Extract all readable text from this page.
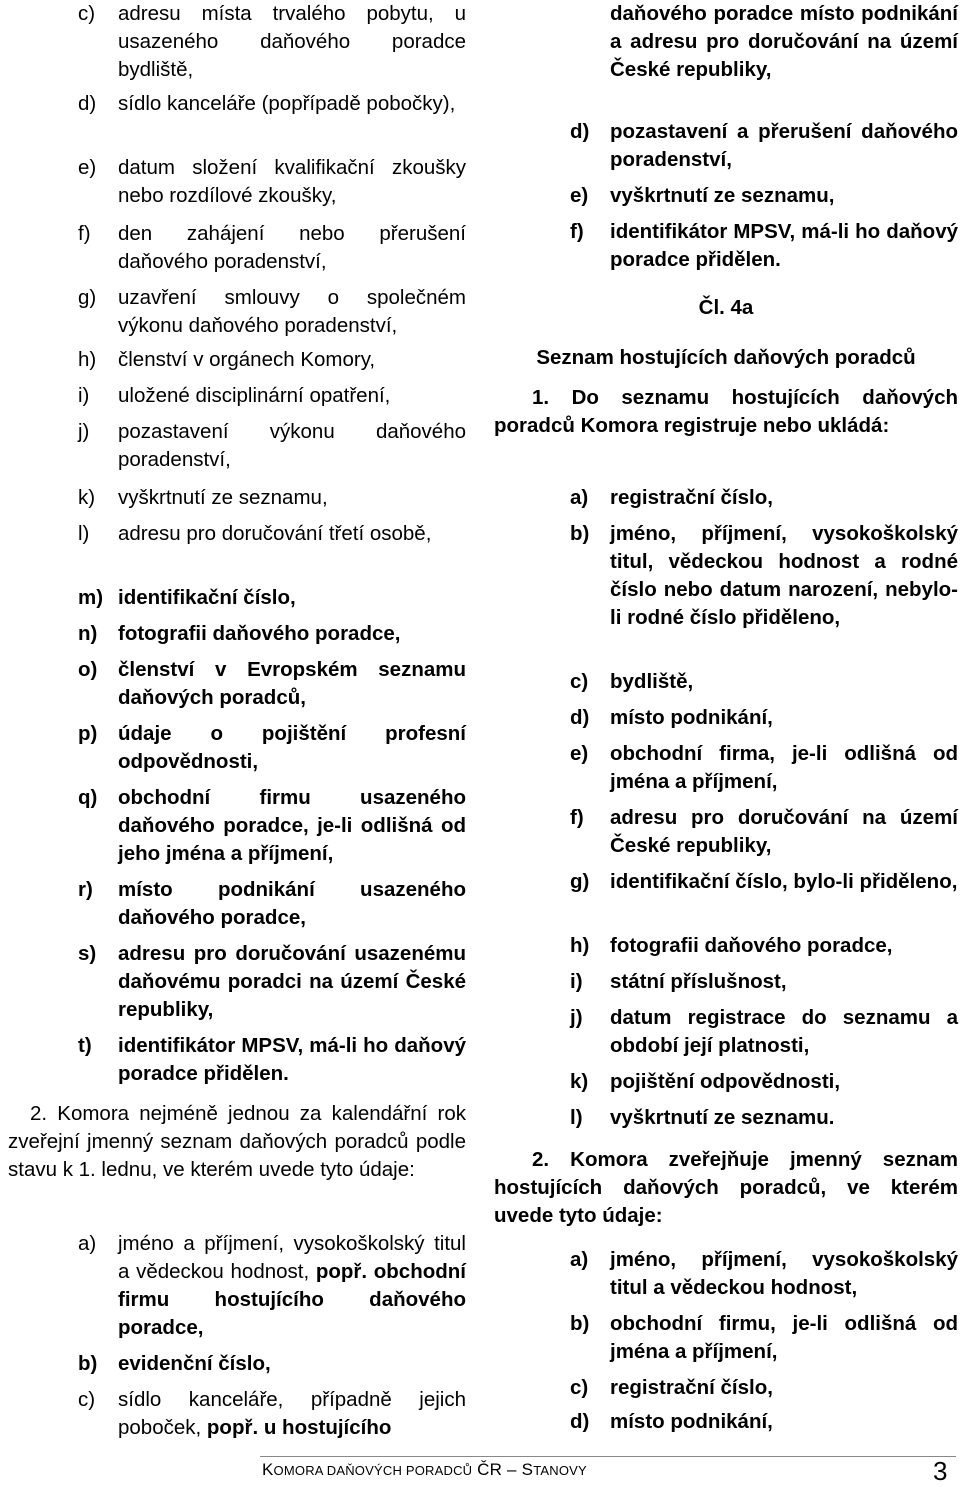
c)	adresu místa trvalého pobytu, u usazeného daňového poradce bydliště,
d)	sídlo kanceláře (popřípadě pobočky),
e)	datum složení kvalifikační zkoušky nebo rozdílové zkoušky,
f)	den zahájení nebo přerušení daňového poradenství,
g)	uzavření smlouvy o společném výkonu daňového poradenství,
h)	členství v orgánech Komory,
i)	uložené disciplinární opatření,
j)	pozastavení výkonu daňového poradenství,
k)	vyškrtnutí ze seznamu,
l)	adresu pro doručování třetí osobě,
m) identifikační číslo,
n)	fotografii daňového poradce,
o)	členství v Evropském seznamu daňových poradců,
p)	údaje o pojištění profesní odpovědnosti,
q)	obchodní firmu usazeného daňového poradce, je-li odlišná od jeho jména a příjmení,
r)	místo podnikání usazeného daňového poradce,
s)	adresu pro doručování usazenému daňovému poradci na území České republiky,
t)	identifikátor MPSV, má-li ho daňový poradce přidělen.
2. Komora nejméně jednou za kalendářní rok zveřejní jmenný seznam daňových poradců podle stavu k 1. lednu, ve kterém uvede tyto údaje:
a)	jméno a příjmení, vysokoškolský titul a vědeckou hodnost, popř. obchodní firmu hostujícího daňového poradce,
b)	evidenční číslo,
c)	sídlo kanceláře, případně jejich poboček, popř. u hostujícího
daňového poradce místo podnikání a adresu pro doručování na území České republiky,
d)	pozastavení a přerušení daňového poradenství,
e)	vyškrtnutí ze seznamu,
f)	identifikátor MPSV, má-li ho daňový poradce přidělen.
Čl. 4a
Seznam hostujících daňových poradců
1. Do seznamu hostujících daňových poradců Komora registruje nebo ukládá:
a)	registrační číslo,
b)	jméno, příjmení, vysokoškolský titul, vědeckou hodnost a rodné číslo nebo datum narození, nebylo-li rodné číslo přiděleno,
c)	bydliště,
d)	místo podnikání,
e)	obchodní firma, je-li odlišná od jména a příjmení,
f)	adresu pro doručování na území České republiky,
g)	identifikační číslo, bylo-li přiděleno,
h)	fotografii daňového poradce,
i)	státní příslušnost,
j)	datum registrace do seznamu a období její platnosti,
k)	pojištění odpovědnosti,
l)	vyškrtnutí ze seznamu.
2. Komora zveřejňuje jmenný seznam hostujících daňových poradců, ve kterém uvede tyto údaje:
a)	jméno, příjmení, vysokoškolský titul a vědeckou hodnost,
b)	obchodní firmu, je-li odlišná od jména a příjmení,
c)	registrační číslo,
d)	místo podnikání,
KOMORA DAŇOVÝCH PORADCŮ ČR – STANOVY	3
